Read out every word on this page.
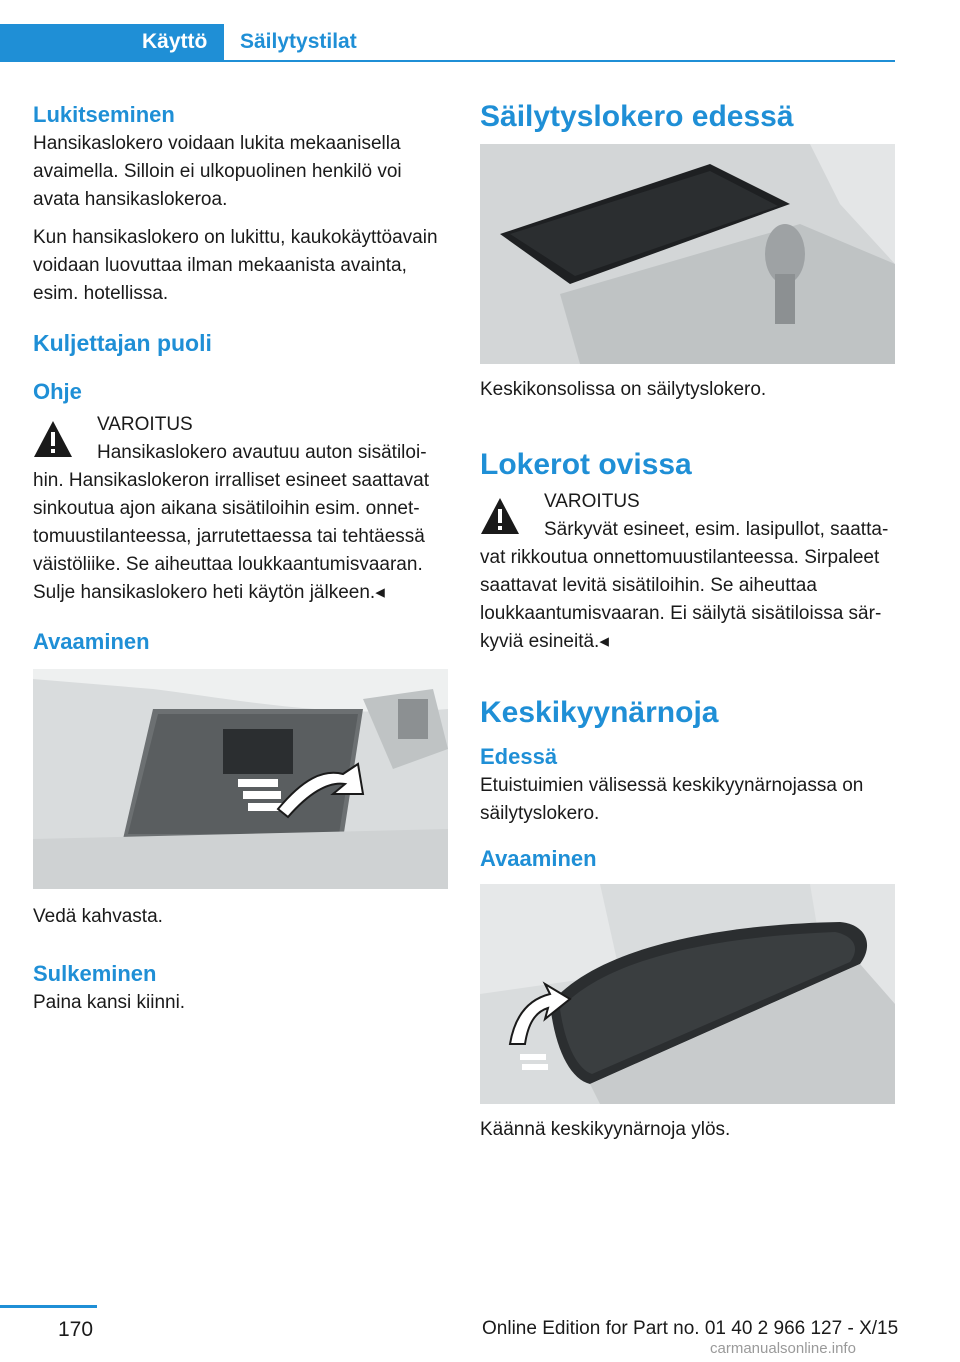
Käyttö	Säilytystilat
Lukitseminen

Hansikaslokero voidaan lukita mekaanisella avaimella. Silloin ei ulkopuolinen henkilö voi avata hansikaslokeroa.

Kun hansikaslokero on lukittu, kaukokäyttöavain voidaan luovuttaa ilman mekaanista avainta, esim. hotellissa.

Kuljettajan puoli
Ohje
VAROITUS
Hansikaslokero avautuu auton sisätiloihin. Hansikaslokeron irralliset esineet saattavat sinkoutua ajon aikana sisätiloihin esim. onnettomuustilanteessa, jarrutettaessa tai tehtäessä väistöliike. Se aiheuttaa loukkaantumisvaaran. Sulje hansikaslokero heti käytön jälkeen.◂
Avaaminen

Vedä kahvasta.

Sulkeminen

Paina kansi kiinni.

Säilytyslokero edessä

Keskikonsolissa on säilytyslokero.

Lokerot ovissa
VAROITUS
Särkyvät esineet, esim. lasipullot, saattavat rikkoutua onnettomuustilanteessa. Sirpaleet saattavat levitä sisätiloihin. Se aiheuttaa loukkaantumisvaaran. Ei säilytä sisätiloissa särkyviä esineitä.◂
Keskikyynärnoja
Edessä

Etuistuimien välisessä keskikyynärnojassa on säilytyslokero.

Avaaminen

Käännä keskikyynärnoja ylös.

170	Online Edition for Part no. 01 40 2 966 127 - X/15
carmanualsonline.info
